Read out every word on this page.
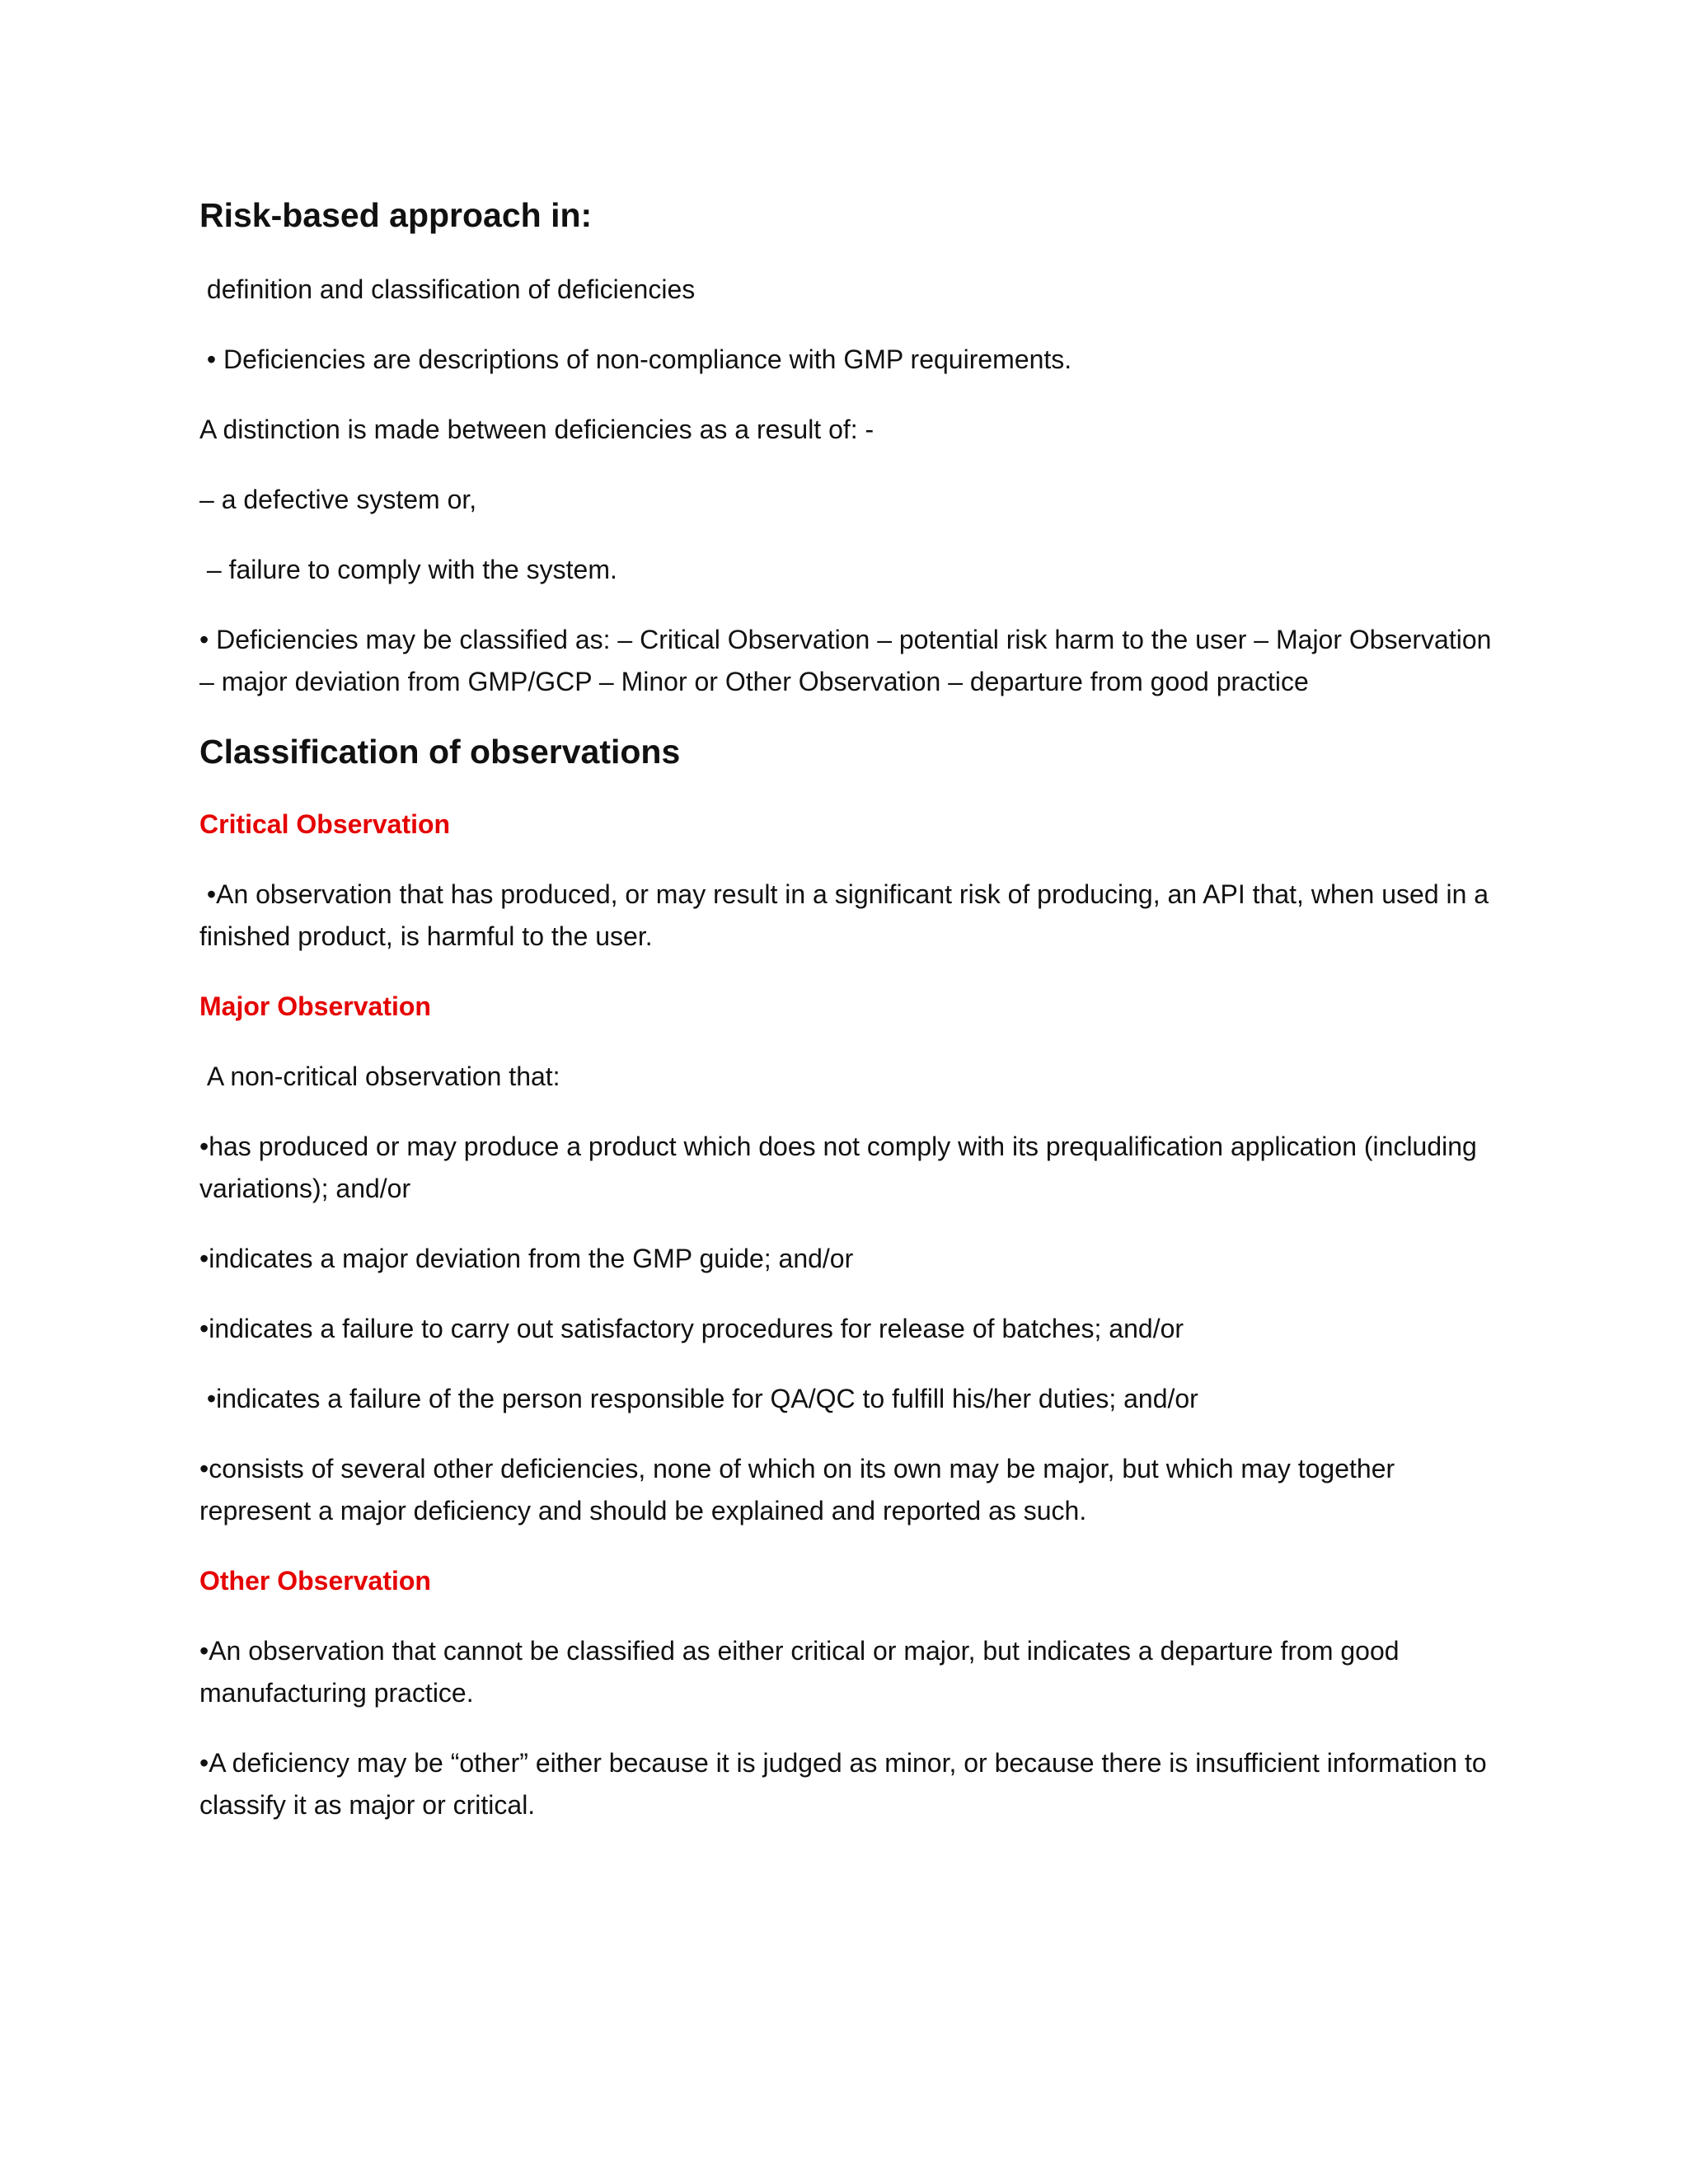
Risk-based approach in:
definition and classification of deficiencies
• Deficiencies are descriptions of non-compliance with GMP requirements.
A distinction is made between deficiencies as a result of: -
– a defective system or,
– failure to comply with the system.
• Deficiencies may be classified as: – Critical Observation – potential risk harm to the user – Major Observation – major deviation from GMP/GCP – Minor or Other Observation – departure from good practice
Classification of observations
Critical Observation
•An observation that has produced, or may result in a significant risk of producing, an API that, when used in a finished product, is harmful to the user.
Major Observation
A non-critical observation that:
•has produced or may produce a product which does not comply with its prequalification application (including variations); and/or
•indicates a major deviation from the GMP guide; and/or
•indicates a failure to carry out satisfactory procedures for release of batches; and/or
•indicates a failure of the person responsible for QA/QC to fulfill his/her duties; and/or
•consists of several other deficiencies, none of which on its own may be major, but which may together represent a major deficiency and should be explained and reported as such.
Other Observation
•An observation that cannot be classified as either critical or major, but indicates a departure from good manufacturing practice.
•A deficiency may be “other” either because it is judged as minor, or because there is insufficient information to classify it as major or critical.
